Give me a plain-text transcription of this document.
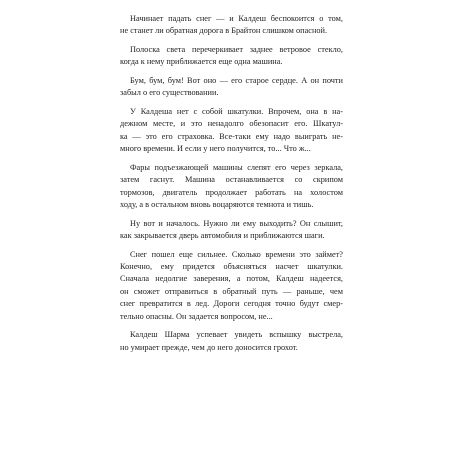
Начинает падать снег — и Калдеш беспокоится о том,
не станет ли обратная дорога в Брайтон слишком опасной.

Полоска света перечеркивает заднее ветровое стекло,
когда к нему приближается еще одна машина.

Бум, бум, бум! Вот оно — его старое сердце. А он почти
забыл о его существовании.

У Калдеша нет с собой шкатулки. Впрочем, она в на-
дежном месте, и это ненадолго обезопасит его. Шкатул-
ка — это его страховка. Все-таки ему надо выиграть не-
много времени. И если у него получится, то... Что ж...

Фары подъезжающей машины слепят его через зеркала,
затем гаснут. Машина останавливается со скрипом
тормозов, двигатель продолжает работать на холостом
ходу, а в остальном вновь воцаряются темнота и тишь.

Ну вот и началось. Нужно ли ему выходить? Он слышит,
как закрывается дверь автомобиля и приближаются шаги.

Снег пошел еще сильнее. Сколько времени это займет?
Конечно, ему придется объясняться насчет шкатулки.
Сначала недолгие заверения, а потом, Калдеш надеется,
он сможет отправиться в обратный путь — раньше, чем
снег превратится в лед. Дороги сегодня точно будут смер-
тельно опасны. Он задается вопросом, не...

Калдеш Шарма успевает увидеть вспышку выстрела,
но умирает прежде, чем до него доносится грохот.
